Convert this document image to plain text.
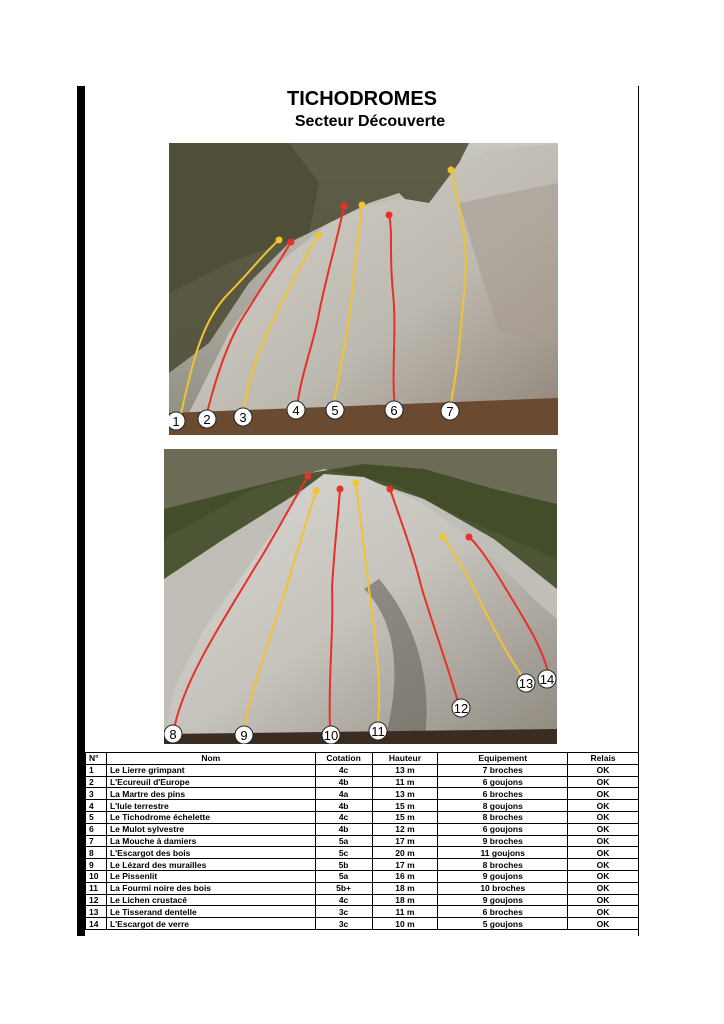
TICHODROMES
Secteur Découverte
1 2 3	4 5	6	7
8	9	10	11
12
13 14
N°	Nom	Cotation	Hauteur	Equipement	Relais
1	Le Lierre grimpant	4c	13 m	7 broches	OK
2	L'Ecureuil d'Europe	4b	11 m	6 goujons	OK
3	La Martre des pins	4a	13 m	6 broches	OK
4	L'Iule terrestre	4b	15 m	8 goujons	OK
5	Le Tichodrome échelette	4c	15 m	8 broches	OK
6	Le Mulot sylvestre	4b	12 m	6 goujons	OK
7	La Mouche à damiers	5a	17 m	9 broches	OK
8	L'Escargot des bois	5c	20 m	11 goujons	OK
9	Le Lézard des murailles	5b	17 m	8 broches	OK
10	Le Pissenlit	5a	16 m	9 goujons	OK
11	La Fourmi noire des bois	5b+	18 m	10 broches	OK
12	Le Lichen crustacé	4c	18 m	9 goujons	OK
13	Le Tisserand dentelle	3c	11 m	6 broches	OK
14	L'Escargot de verre	3c	10 m	5 goujons	OK
